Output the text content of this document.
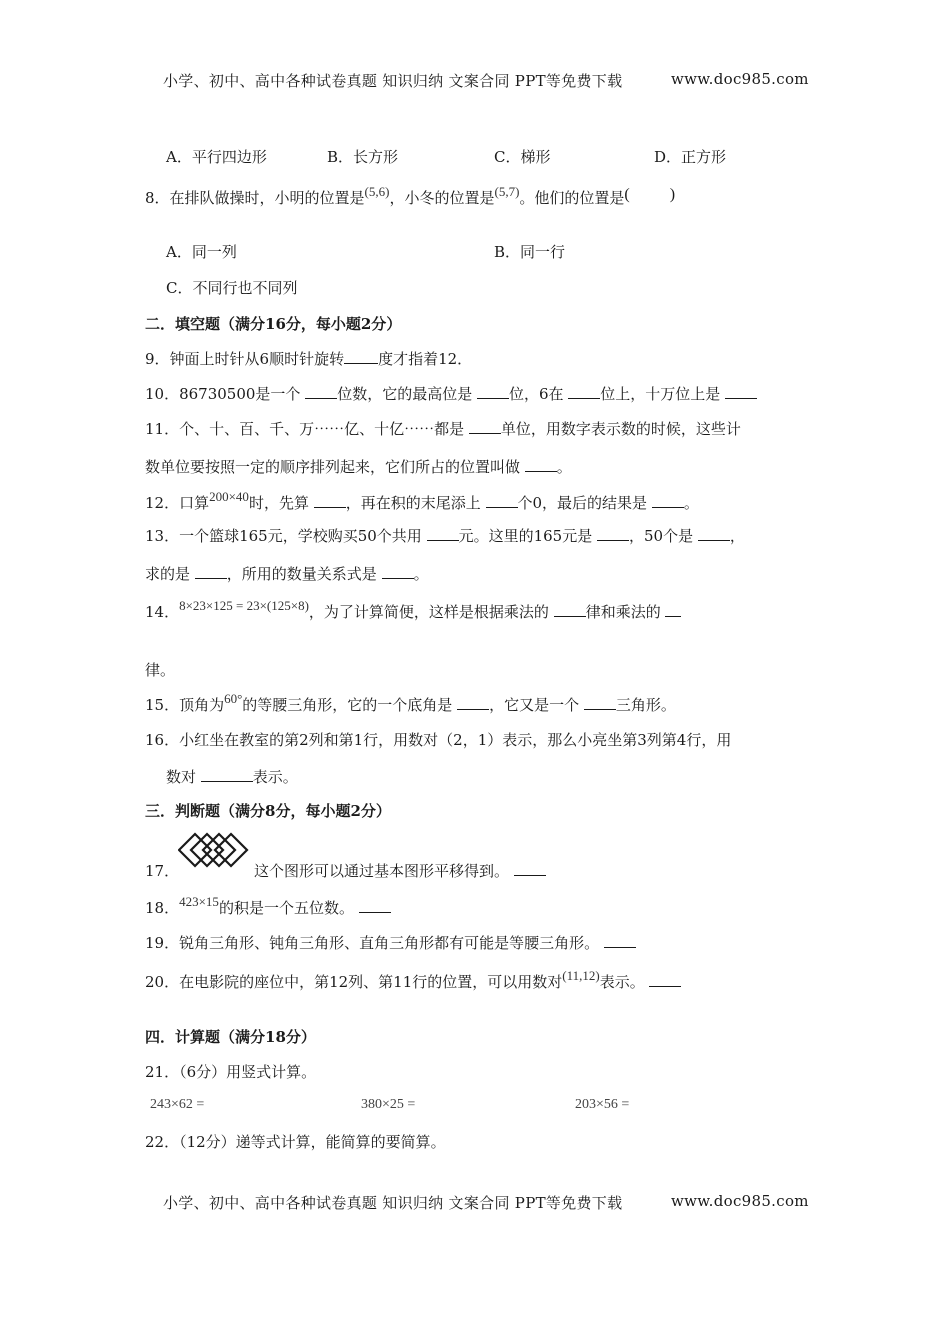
小学、初中、高中各种试卷真题 知识归纳 文案合同 PPT等免费下载	www.doc985.com
A．平行四边形	B．长方形	C．梯形	D．正方形
8．在排队做操时，小明的位置是(5,6)，小冬的位置是(5,7)。他们的位置是(	)
A．同一列	B．同一行
C．不同行也不同列
二．填空题（满分16分，每小题2分）
9．钟面上时针从6顺时针旋转 度才指着12．
10．86730500是一个 位数，它的最高位是 位，6在 位上，十万位上是
11．个、十、百、千、万⋯⋯亿、十亿⋯⋯都是 单位，用数字表示数的时候，这些计
数单位要按照一定的顺序排列起来，它们所占的位置叫做 。
12．口算200×40时，先算 ，再在积的末尾添上 个0，最后的结果是 。
13．一个篮球165元，学校购买50个共用 元。这里的165元是 ，50个是 ，
求的是 ，所用的数量关系式是 。
14．8×23×125 = 23×(125×8)，为了计算简便，这样是根据乘法的 律和乘法的
律。
15．顶角为60°的等腰三角形，它的一个底角是 ，它又是一个 三角形。
16．小红坐在教室的第2列和第1行，用数对（2，1）表示，那么小亮坐第3列第4行，用
数对	表示。
三．判断题（满分8分，每小题2分）
17．	这个图形可以通过基本图形平移得到。
18．423×15的积是一个五位数。
19．锐角三角形、钝角三角形、直角三角形都有可能是等腰三角形。
20．在电影院的座位中，第12列、第11行的位置，可以用数对(11,12)表示。
四．计算题（满分18分）
21．（6分）用竖式计算。
243×62 =	380×25 =	203×56 =
22．（12分）递等式计算，能简算的要简算。
小学、初中、高中各种试卷真题 知识归纳 文案合同 PPT等免费下载	www.doc985.com
